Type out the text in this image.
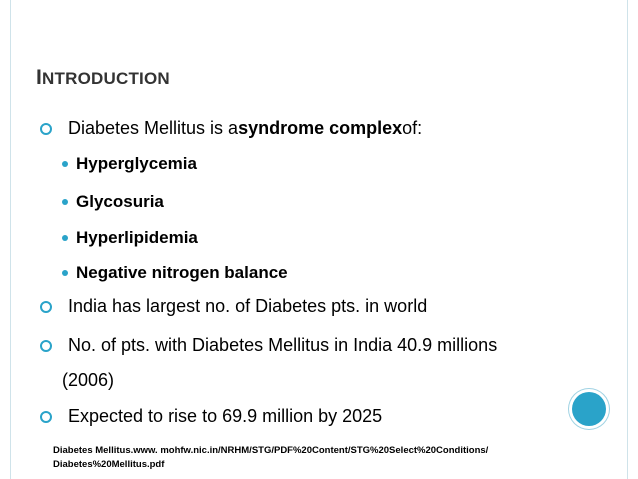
INTRODUCTION
Diabetes Mellitus is a syndrome complex of:
Hyperglycemia
Glycosuria
Hyperlipidemia
Negative nitrogen balance
India has largest no. of Diabetes pts. in world
No. of pts. with Diabetes Mellitus in India 40.9 millions
(2006)
Expected to rise to 69.9 million by 2025
Diabetes Mellitus.www. mohfw.nic.in/NRHM/STG/PDF%20Content/STG%20Select%20Conditions/
Diabetes%20Mellitus.pdf
